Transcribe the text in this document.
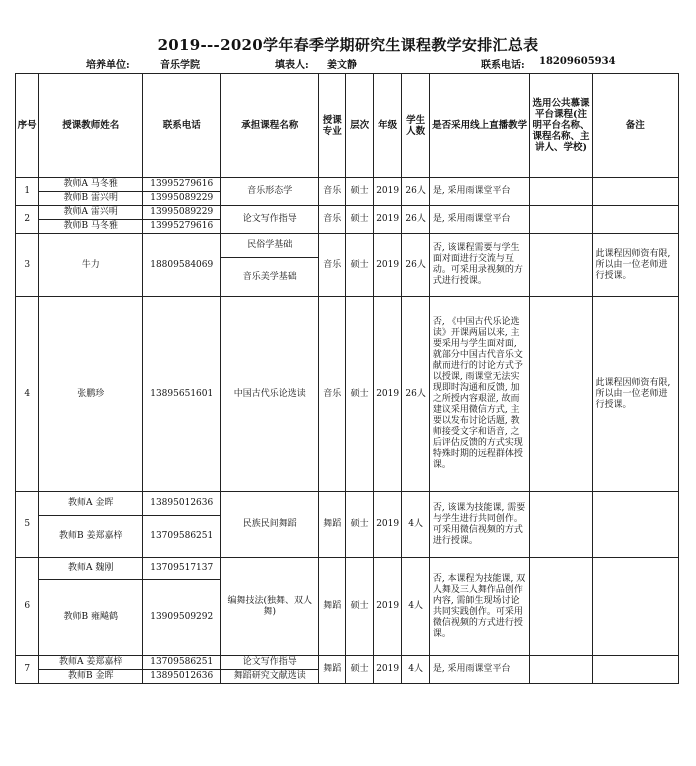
2019---2020学年春季学期研究生课程教学安排汇总表
培养单位:	音乐学院	填表人: 姜文静	联系电话: 18209605934
序号	授课教师姓名	联系电话	承担课程名称	授课专业	层次	年级	学生人数	是否采用线上直播教学	选用公共慕课平台课程(注明平台名称、课程名称、主讲人、学校)	备注
1	教师A 马冬雅	13995279616	音乐形态学	音乐	硕士	2019	26人	是, 采用雨课堂平台		
	教师B 雷兴明	13995089229								
2	教师A 雷兴明	13995089229	论文写作指导	音乐	硕士	2019	26人	是, 采用雨课堂平台		
	教师B 马冬雅	13995279616								
3	牛力	18809584069	民俗学基础	音乐	硕士	2019	26人	否, 该课程需要与学生面对面进行交流与互动。可采用录视频的方式进行授课。		此课程因师资有限, 所以由一位老师进行授课。
			音乐美学基础							
4	张鹏珍	13895651601	中国古代乐论选读	音乐	硕士	2019	26人	否, 《中国古代乐论选读》开课两届以来, 主要采用与学生面对面, 就部分中国古代音乐文献而进行的讨论方式予以授课, 雨课堂无法实现即时沟通和反馈, 加之所授内容艰涩, 故而建议采用微信方式, 主要以发布讨论话题, 教师接受文字和语音, 之后评估反馈的方式实现特殊时期的远程群体授课。		此课程因师资有限, 所以由一位老师进行授课。
5	教师A 金晖	13895012636	民族民间舞蹈	舞蹈	硕士	2019	4人	否, 该课为技能课, 需要与学生进行共同创作。可采用微信视频的方式进行授课。		
	教师B 姜郑嘉梓	13709586251								
6	教师A 魏刚	13709517137	编舞技法(独舞、双人舞)	舞蹈	硕士	2019	4人	否, 本课程为技能课, 双人舞及三人舞作品创作内容, 需師生现场讨论共同实践创作。可采用微信视频的方式进行授课。		
	教师B 雍飚鹤	13909509292								
7	教师A 姜郑嘉梓	13709586251	论文写作指导	舞蹈	硕士	2019	4人	是, 采用雨课堂平台		
	教师B 金晖	13895012636	舞蹈研究文献选读							
